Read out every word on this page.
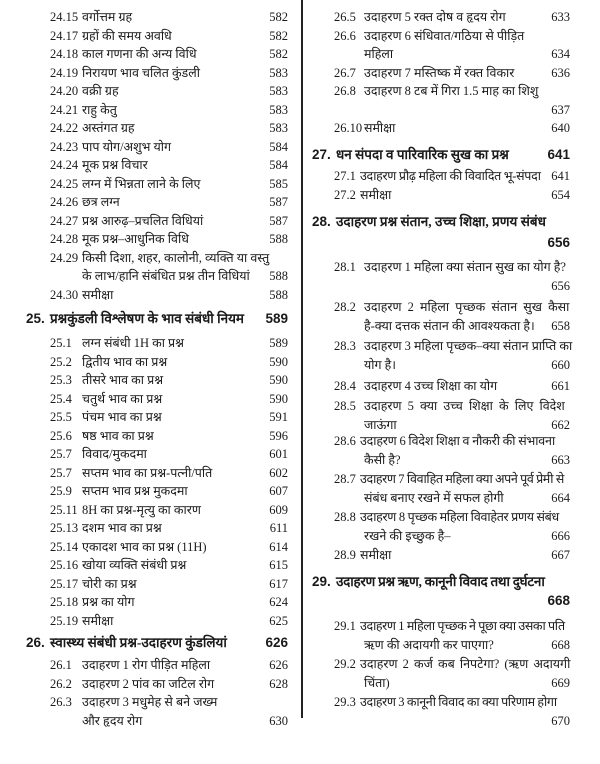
24.15 वर्गोत्तम ग्रह	582
24.17 ग्रहों की समय अवधि	582
24.18 काल गणना की अन्य विधि	582
24.19 निरायण भाव चलित कुंडली	583
24.20 वक्री ग्रह	583
24.21 राहु केतु	583
24.22 अस्तंगत ग्रह	583
24.23 पाप योग/अशुभ योग	584
24.24 मूक प्रश्न विचार	584
24.25 लग्न में भिन्नता लाने के लिए	585
24.26 छत्र लग्न	587
24.27 प्रश्न आरुढ़–प्रचलित विधियां	587
24.28 मूक प्रश्न–आधुनिक विधि	588
24.29 किसी दिशा, शहर, कालोनी, व्यक्ति या वस्तु
के लाभ/हानि संबंधित प्रश्न तीन विधियां 588
24.30 समीक्षा	588
25. प्रश्नकुंडली विश्लेषण के भाव संबंधी नियम 589
25.1 लग्न संबंधी 1H का प्रश्न	589
25.2 द्वितीय भाव का प्रश्न	590
25.3 तीसरे भाव का प्रश्न	590
25.4 चतुर्थ भाव का प्रश्न	590
25.5 पंचम भाव का प्रश्न	591
25.6 षष्ठ भाव का प्रश्न	596
25.7 विवाद/मुकदमा	601
25.7 सप्तम भाव का प्रश्न-पत्नी/पति	602
25.9 सप्तम भाव प्रश्न मुकदमा	607
25.11 8H का प्रश्न-मृत्यु का कारण	609
25.13 दशम भाव का प्रश्न	611
25.14 एकादश भाव का प्रश्न (11H)	614
25.16 खोया व्यक्ति संबंधी प्रश्न	615
25.17 चोरी का प्रश्न	617
25.18 प्रश्न का योग	624
25.19 समीक्षा	625
26. स्वास्थ्य संबंधी प्रश्न-उदाहरण कुंडलियां	626
26.1 उदाहरण 1 रोग पीड़ित महिला	626
26.2 उदाहरण 2 पांव का जटिल रोग	628
26.3 उदाहरण 3 मधुमेह से बने जख्म
और हृदय रोग	630
26.5 उदाहरण 5 रक्त दोष व हृदय रोग	633
26.6 उदाहरण 6 संधिवात/गठिया से पीड़ित
महिला	634
26.7 उदाहरण 7 मस्तिष्क में रक्त विकार	636
26.8 उदाहरण 8 टब में गिरा 1.5 माह का शिशु
637
26.10 समीक्षा	640
27. धन संपदा व पारिवारिक सुख का प्रश्न	641
27.1 उदाहरण प्रौढ़ महिला की विवादित भू-संपदा 641
27.2 समीक्षा	654
28. उदाहरण प्रश्न संतान, उच्च शिक्षा, प्रणय संबंध
656
28.1 उदाहरण 1 महिला क्या संतान सुख का योग है?
656
28.2 उदाहरण 2 महिला पृच्छक संतान सुख कैसा
है-क्या दत्तक संतान की आवश्यकता है। 658
28.3 उदाहरण 3 महिला पृच्छक–क्या संतान प्राप्ति का
योग है।	660
28.4 उदाहरण 4 उच्च शिक्षा का योग	661
28.5 उदाहरण 5 क्या उच्च शिक्षा के लिए विदेश
जाऊंगा	662
28.6 उदाहरण 6 विदेश शिक्षा व नौकरी की संभावना
कैसी है?	663
28.7 उदाहरण 7 विवाहित महिला क्या अपने पूर्व प्रेमी से
संबंध बनाए रखने में सफल होगी	664
28.8 उदाहरण 8 पृच्छक महिला विवाहेतर प्रणय संबंध
रखने की इच्छुक है–	666
28.9 समीक्षा	667
29. उदाहरण प्रश्न ऋण, कानूनी विवाद तथा दुर्घटना
668
29.1 उदाहरण 1 महिला पृच्छक ने पूछा क्या उसका पति
ऋण की अदायगी कर पाएगा?	668
29.2 उदाहरण 2 कर्ज कब निपटेगा? (ऋण अदायगी
चिंता)	669
29.3 उदाहरण 3 कानूनी विवाद का क्या परिणाम होगा
670
